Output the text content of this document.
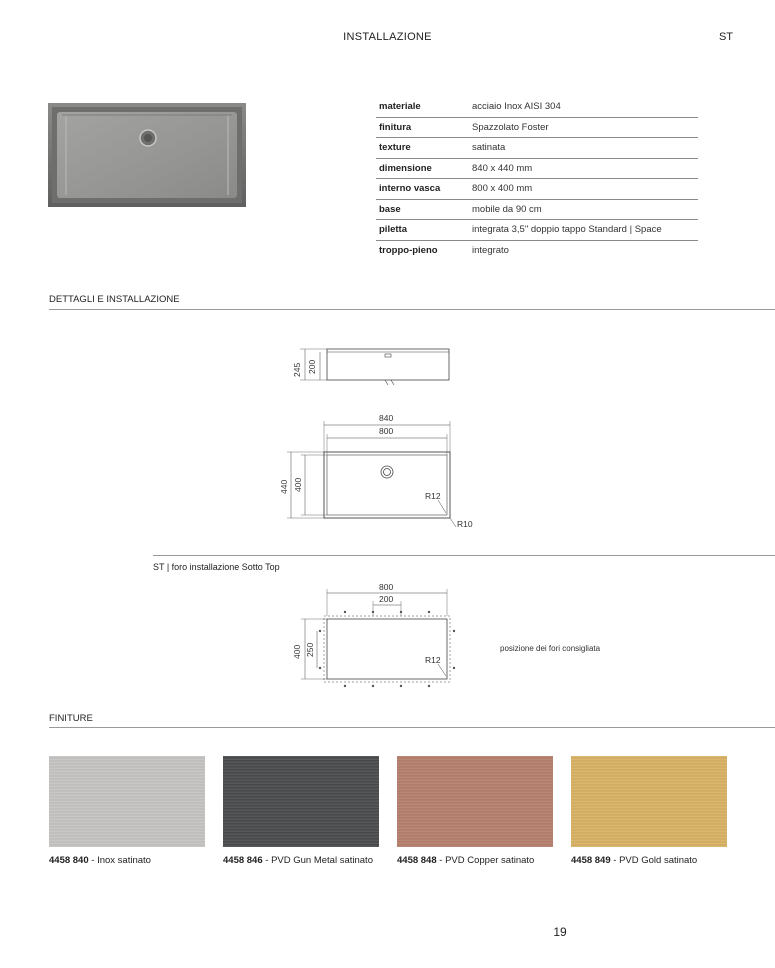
INSTALLAZIONE	ST
materiale	acciaio Inox AISI 304
finitura	Spazzolato Foster
texture	satinata
dimensione	840 x 440 mm
interno vasca	800 x 400 mm
base	mobile da 90 cm
piletta	integrata 3,5" doppio tappo Standard | Space
troppo-pieno	integrato
DETTAGLI E INSTALLAZIONE
245 200
840
800
440 400
R12
R10
800
200
400 250
R12
ST | foro installazione Sotto Top
posizione dei fori consigliata
FINITURE
4458 840 - Inox satinato	4458 846 - PVD Gun Metal satinato	4458 848 - PVD Copper satinato	4458 849 - PVD Gold satinato
19
